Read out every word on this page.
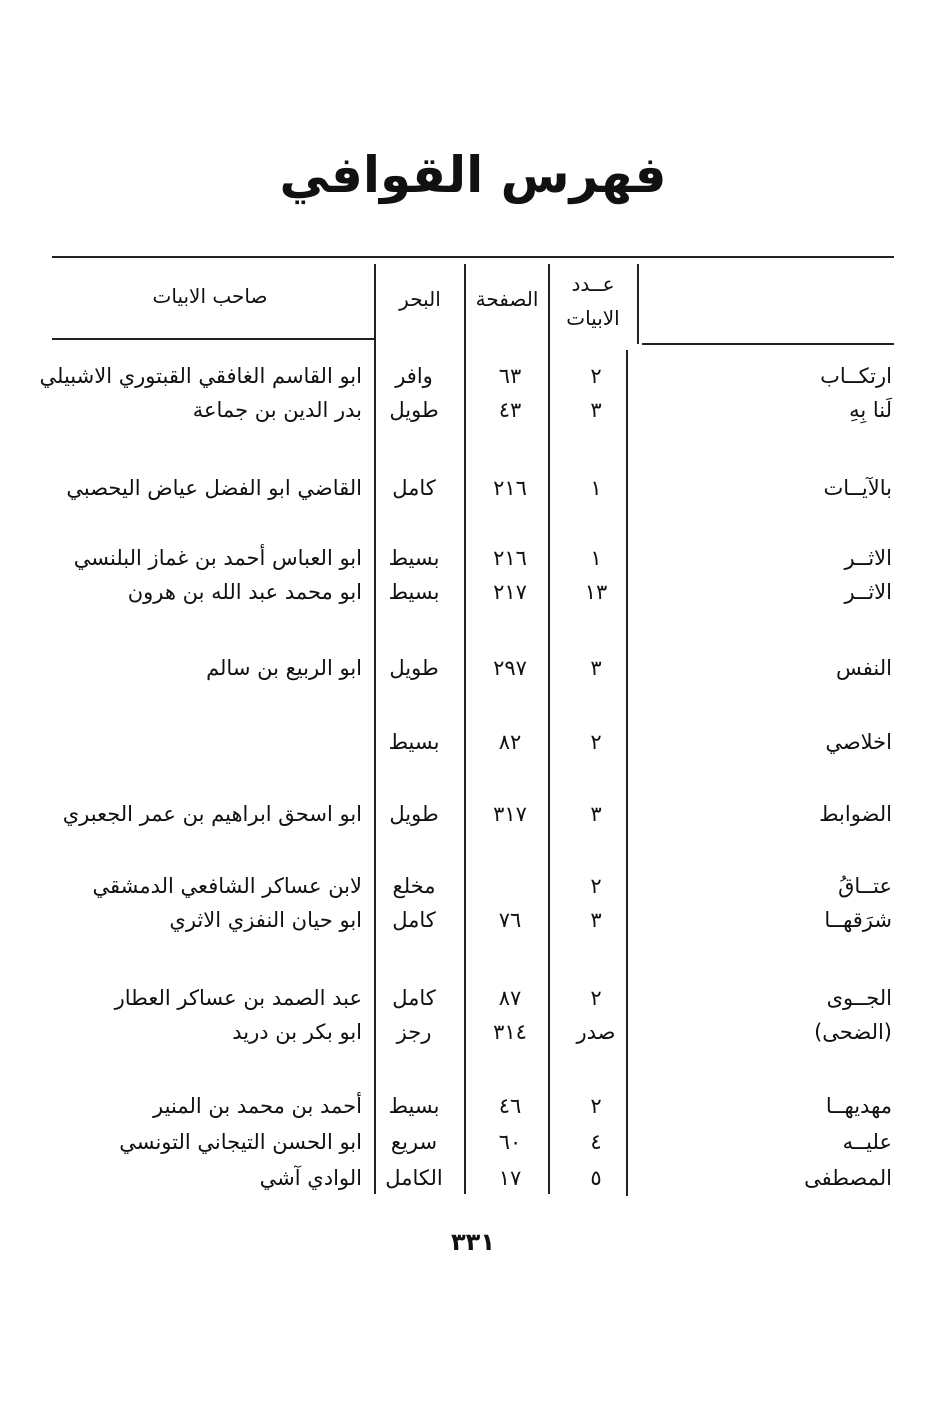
فهرس القوافي
صاحب الابيات	البحر	الصفحة
عــدد
الابيات
ارتكــاب
٢
٦٣
وافر
ابو القاسم الغافقي القبتوري الاشبيلي
لَنا بِهِ
٣
٤٣
طويل
بدر الدين بن جماعة
بالآيــات
١
٢١٦
كامل
القاضي ابو الفضل عياض اليحصبي
الاثــر
١
٢١٦
بسيط
ابو العباس أحمد بن غماز البلنسي
الاثــر
١٣
٢١٧
بسيط
ابو محمد عبد الله بن هرون
النفس
٣
٢٩٧
طويل
ابو الربيع بن سالم
اخلاصي
٢
٨٢
بسيط
الضوابط
٣
٣١٧
طويل
ابو اسحق ابراهيم بن عمر الجعبري
عتــاقُ
٢
مخلع
لابن عساكر الشافعي الدمشقي
شرَقهــا
٣
٧٦
كامل
ابو حيان النفزي الاثري
الجــوى
٢
٨٧
كامل
عبد الصمد بن عساكر العطار
(الضحى)
صدر
٣١٤
رجز
ابو بكر بن دريد
مهديهــا
٢
٤٦
بسيط
أحمد بن محمد بن المنير
عليــه
٤
٦٠
سريع
ابو الحسن التيجاني التونسي
المصطفى
٥
١٧
الكامل
الوادي آشي
٣٣١
